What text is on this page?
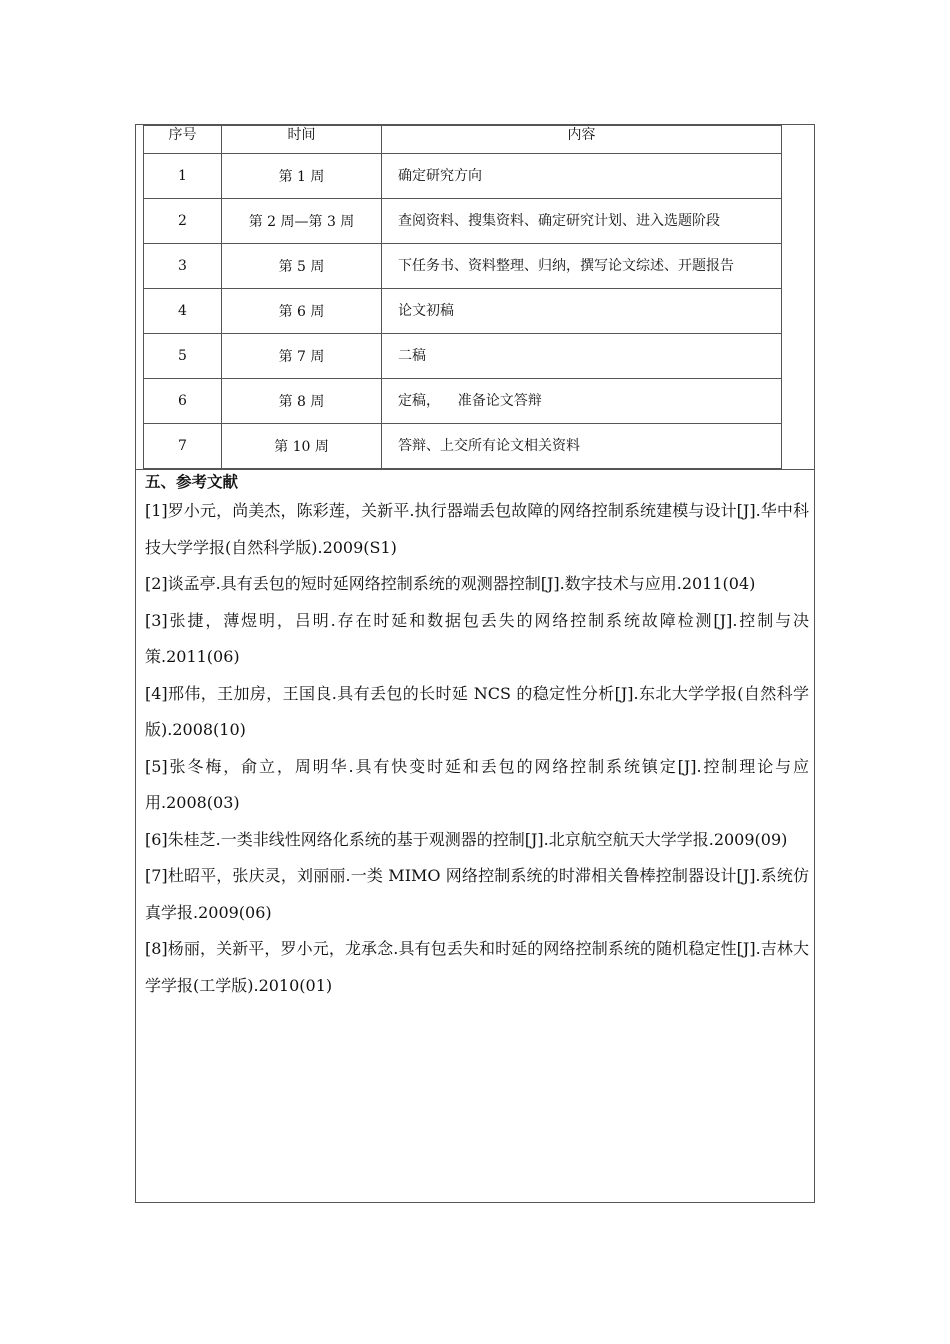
序号	时间	内容
1	第 1 周	确定研究方向

2	第 2 周—第 3 周	查阅资料、搜集资料、确定研究计划、进入选题阶段

3	第 5 周	下任务书、资料整理、归纳，撰写论文综述、开题报告

4	第 6 周	论文初稿

5	第 7 周	二稿

6	第 8 周	定稿，    准备论文答辩

7	第 10 周	答辩、上交所有论文相关资料
五、参考文献
[1]罗小元，尚美杰，陈彩莲，关新平.执行器端丢包故障的网络控制系统建模与设计[J].华中科技大学学报(自然科学版).2009(S1)
[2]谈孟亭.具有丢包的短时延网络控制系统的观测器控制[J].数字技术与应用.2011(04)
[3]张捷，薄煜明，吕明.存在时延和数据包丢失的网络控制系统故障检测[J].控制与决策.2011(06)
[4]邢伟，王加房，王国良.具有丢包的长时延 NCS 的稳定性分析[J].东北大学学报(自然科学版).2008(10)
[5]张冬梅，俞立，周明华.具有快变时延和丢包的网络控制系统镇定[J].控制理论与应用.2008(03)
[6]朱桂芝.一类非线性网络化系统的基于观测器的控制[J].北京航空航天大学学报.2009(09)
[7]杜昭平，张庆灵，刘丽丽.一类 MIMO 网络控制系统的时滞相关鲁棒控制器设计[J].系统仿真学报.2009(06)
[8]杨丽，关新平，罗小元，龙承念.具有包丢失和时延的网络控制系统的随机稳定性[J].吉林大学学报(工学版).2010(01)
